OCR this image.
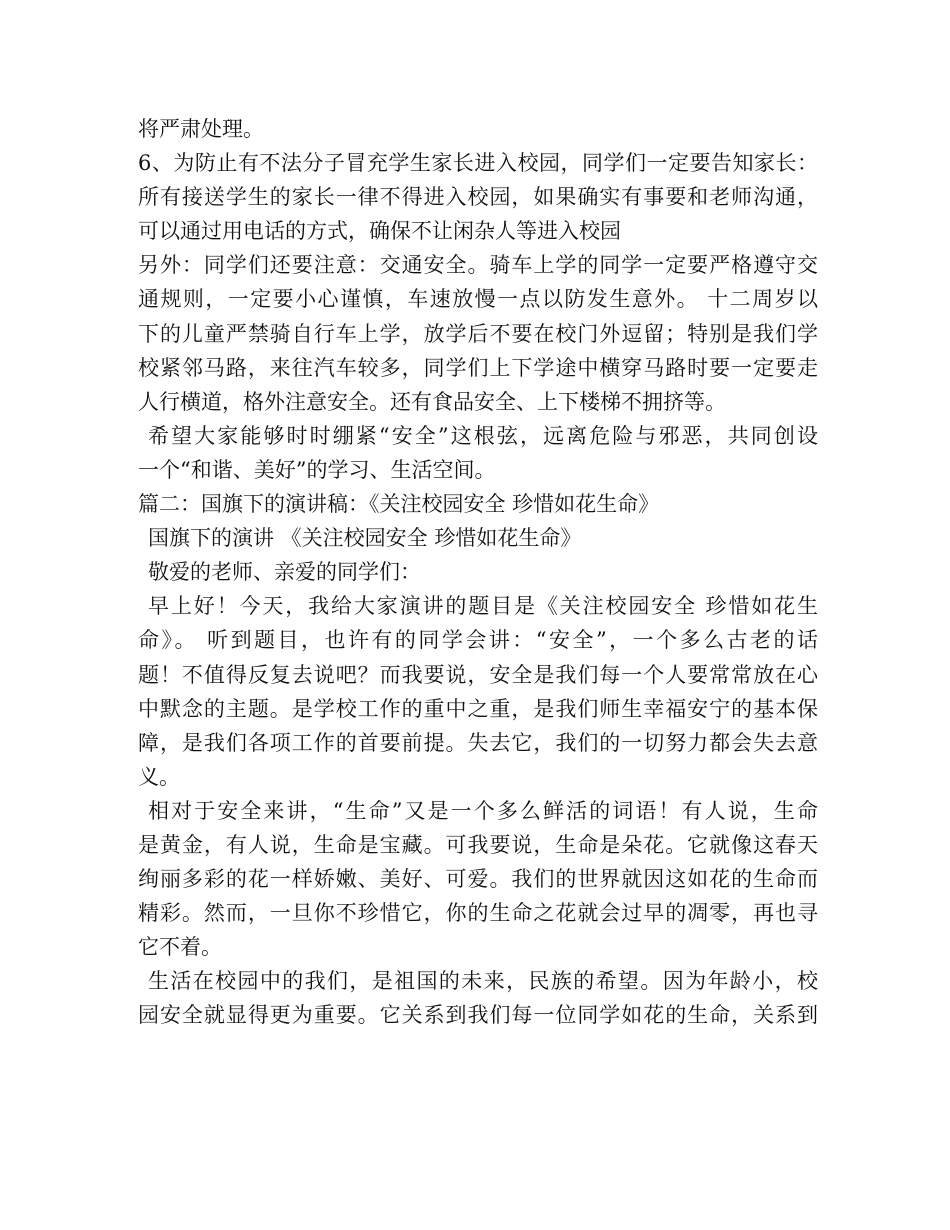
将严肃处理。
6、为防止有不法分子冒充学生家长进入校园，同学们一定要告知家长：
所有接送学生的家长一律不得进入校园，如果确实有事要和老师沟通，
可以通过用电话的方式，确保不让闲杂人等进入校园
另外：同学们还要注意：交通安全。骑车上学的同学一定要严格遵守交
通规则，一定要小心谨慎，车速放慢一点以防发生意外。 十二周岁以
下的儿童严禁骑自行车上学，放学后不要在校门外逗留；特别是我们学
校紧邻马路，来往汽车较多，同学们上下学途中横穿马路时要一定要走
人行横道，格外注意安全。还有食品安全、上下楼梯不拥挤等。
希望大家能够时时绷紧“安全”这根弦，远离危险与邪恶，共同创设
一个“和谐、美好”的学习、生活空间。
篇二：国旗下的演讲稿：《关注校园安全 珍惜如花生命》
国旗下的演讲 《关注校园安全 珍惜如花生命》
敬爱的老师、亲爱的同学们：
早上好！今天，我给大家演讲的题目是《关注校园安全 珍惜如花生
命》。 听到题目，也许有的同学会讲：“安全”，一个多么古老的话
题！不值得反复去说吧？而我要说，安全是我们每一个人要常常放在心
中默念的主题。是学校工作的重中之重，是我们师生幸福安宁的基本保
障，是我们各项工作的首要前提。失去它，我们的一切努力都会失去意
义。
相对于安全来讲，“生命”又是一个多么鲜活的词语！有人说，生命
是黄金，有人说，生命是宝藏。可我要说，生命是朵花。它就像这春天
绚丽多彩的花一样娇嫩、美好、可爱。我们的世界就因这如花的生命而
精彩。然而，一旦你不珍惜它，你的生命之花就会过早的凋零，再也寻
它不着。
生活在校园中的我们，是祖国的未来，民族的希望。因为年龄小，校
园安全就显得更为重要。它关系到我们每一位同学如花的生命，关系到
